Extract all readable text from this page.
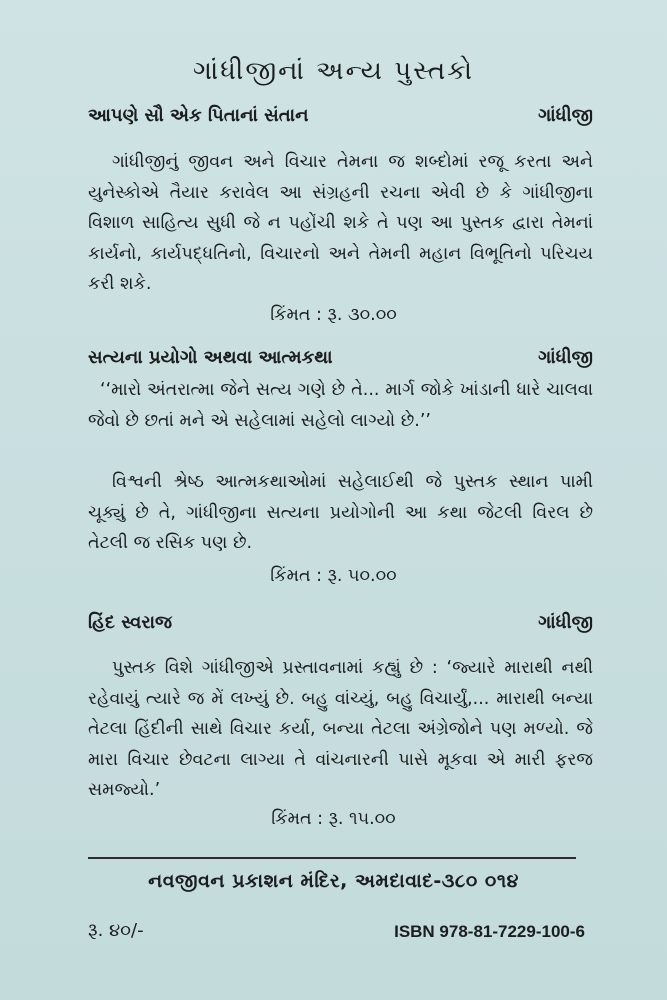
ગાંધીજીનાં અન્ય પુસ્તકો
આપણે સૌ એક પિતાનાં સંતાન	ગાંધીજી
ગાંધીજીનું જીવન અને વિચાર તેમના જ શબ્દોમાં રજૂ કરતા અને યુનેસ્કોએ તૈયાર કરાવેલ આ સંગ્રહની રચના એવી છે કે ગાંધીજીના વિશાળ સાહિત્ય સુધી જે ન પહોંચી શકે તે પણ આ પુસ્તક દ્વારા તેમનાં કાર્યનો, કાર્યપદ્ધતિનો, વિચારનો અને તેમની મહાન વિભૂતિનો પરિચય કરી શકે.
કિંમત : રૂ. ૩૦.૦૦
સત્યના પ્રયોગો અથવા આત્મકથા	ગાંધીજી
‘‘મારો અંતરાત્મા જેને સત્ય ગણે છે તે... માર્ગ જોકે ખાંડાની ધારે ચાલવા જેવો છે છતાં મને એ સહેલામાં સહેલો લાગ્યો છે.’’
વિશ્વની શ્રેષ્ઠ આત્મકથાઓમાં સહેલાઈથી જે પુસ્તક સ્થાન પામી ચૂક્યું છે તે, ગાંધીજીના સત્યના પ્રયોગોની આ કથા જેટલી વિરલ છે તેટલી જ રસિક પણ છે.
કિંમત : રૂ. ૫૦.૦૦
હિંદ સ્વરાજ	ગાંધીજી
પુસ્તક વિશે ગાંધીજીએ પ્રસ્તાવનામાં કહ્યું છે : ‘જ્યારે મારાથી નથી રહેવાયું ત્યારે જ મેં લખ્યું છે. બહુ વાંચ્યું, બહુ વિચાર્યું,... મારાથી બન્યા તેટલા હિંદીની સાથે વિચાર કર્યા, બન્યા તેટલા અંગ્રેજોને પણ મળ્યો. જે મારા વિચાર છેવટના લાગ્યા તે વાંચનારની પાસે મૂકવા એ મારી ફરજ સમજ્યો.’
કિંમત : રૂ. ૧૫.૦૦
નવજીવન પ્રકાશન મંદિર, અમદાવાદ-૩૮૦ ૦૧૪
રૂ. ૪૦/-	ISBN 978-81-7229-100-6
